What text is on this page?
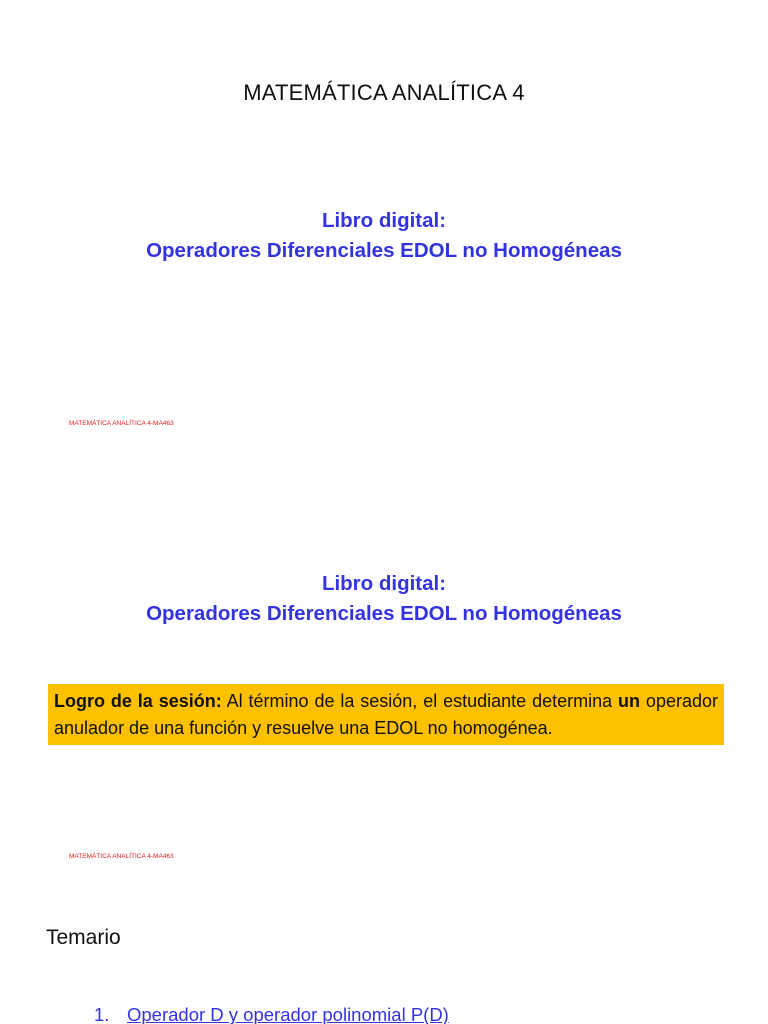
MATEMÁTICA ANALÍTICA 4
Libro digital:
Operadores Diferenciales EDOL no Homogéneas
MATEMÁTICA ANALÍTICA 4-MA463
Libro digital:
Operadores Diferenciales EDOL no Homogéneas
Logro de la sesión: Al término de la sesión, el estudiante determina un operador anulador de una función y resuelve una EDOL no homogénea.
MATEMÁTICA ANALÍTICA 4-MA463
Temario
1. Operador D y operador polinomial P(D)
